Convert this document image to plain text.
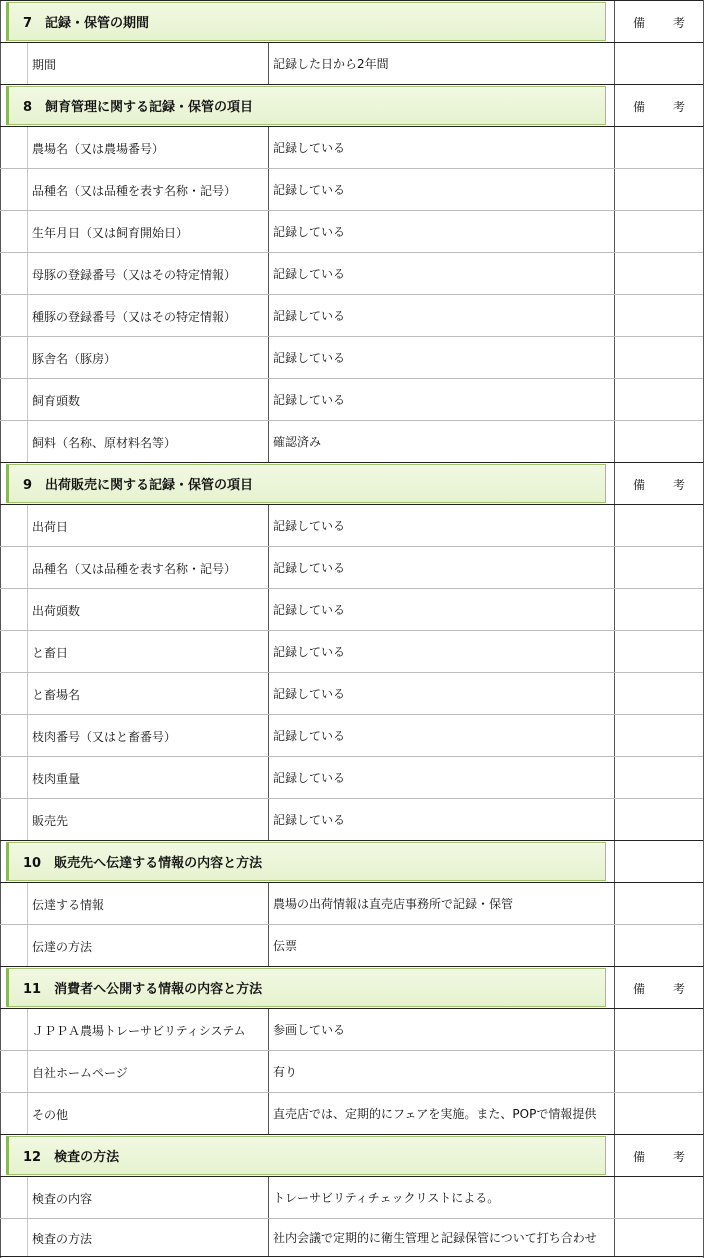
7　記録・保管の期間	備　考
期間	記録した日から2年間
8　飼育管理に関する記録・保管の項目	備　考
農場名（又は農場番号）	記録している
品種名（又は品種を表す名称・記号）	記録している
生年月日（又は飼育開始日）	記録している
母豚の登録番号（又はその特定情報）	記録している
種豚の登録番号（又はその特定情報）	記録している
豚舎名（豚房）	記録している
飼育頭数	記録している
飼料（名称、原材料名等）	確認済み
9　出荷販売に関する記録・保管の項目	備　考
出荷日	記録している
品種名（又は品種を表す名称・記号）	記録している
出荷頭数	記録している
と畜日	記録している
と畜場名	記録している
枝肉番号（又はと畜番号）	記録している
枝肉重量	記録している
販売先	記録している
10　販売先へ伝達する情報の内容と方法
伝達する情報	農場の出荷情報は直売店事務所で記録・保管
伝達の方法	伝票
11　消費者へ公開する情報の内容と方法	備　考
ＪＰＰＡ農場トレーサビリティシステム	参画している
自社ホームページ	有り
その他	直売店では、定期的にフェアを実施。また、POPで情報提供
12　検査の方法	備　考
検査の内容	トレーサビリティチェックリストによる。
検査の方法	社内会議で定期的に衛生管理と記録保管について打ち合わせ
